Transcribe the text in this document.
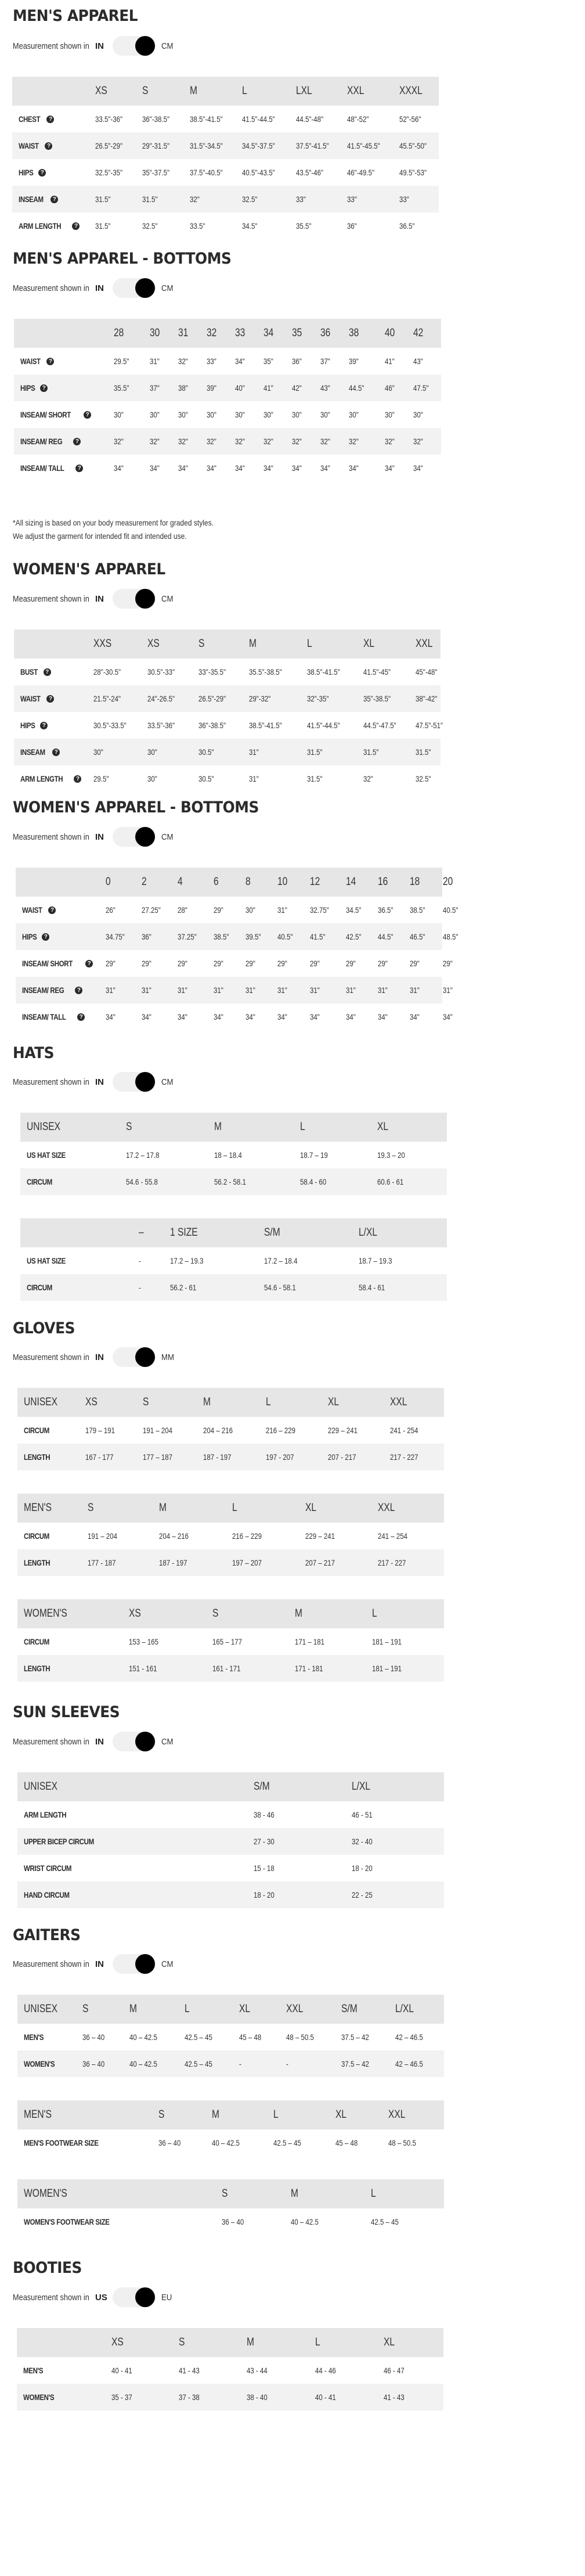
MEN'S APPAREL
Measurement shown in IN	CM
XS	S	M	L	LXL	XXL	XXXL
CHEST	?	33.5"-36" 36"-38.5" 38.5"-41.5" 41.5"-44.5"	44.5"-48"	48"-52"	52"-56"
WAIST	?	26.5"-29" 29"-31.5" 31.5"-34.5" 34.5"-37.5"	37.5"-41.5" 41.5"-45.5" 45.5"-50"
HIPS	?	32.5"-35" 35"-37.5" 37.5"-40.5" 40.5"-43.5"	43.5"-46"	46"-49.5"	49.5"-53"
INSEAM	?	31.5"	31.5"	32"	32.5"	33"	33"	33"
ARM LENGTH	? 31.5"	32.5"	33.5"	34.5"	35.5"	36"	36.5"
MEN'S APPAREL - BOTTOMS
Measurement shown in IN	CM
28 30 31 32 33 34 35 36 38 40 42
WAIST	?	29.5"	31" 32" 33" 34" 35" 36" 37" 39"	41" 43"
HIPS	?	35.5"	37" 38" 39" 40" 41" 42" 43" 44.5"	46" 47.5"
INSEAM/ SHORT	?	30"	30" 30" 30" 30" 30" 30" 30" 30"	30" 30"
INSEAM/ REG	?	32"	32" 32" 32" 32" 32" 32" 32" 32"	32" 32"
INSEAM/ TALL	?	34"	34" 34" 34" 34" 34" 34" 34" 34"	34" 34"
*All sizing is based on your body measurement for graded styles.
We adjust the garment for intended fit and intended use.
WOMEN'S APPAREL
Measurement shown in IN	CM
XXS	XS	S	M	L	XL	XXL
BUST	?	28"-30.5"	30.5"-33"	33"-35.5"	35.5"-38.5"	38.5"-41.5"	41.5"-45"	45"-48"
WAIST	?	21.5"-24"	24"-26.5"	26.5"-29"	29"-32"	32"-35"	35"-38.5"	38"-42"
HIPS	?	30.5"-33.5"	33.5"-36"	36"-38.5"	38.5"-41.5"	41.5"-44.5"	44.5"-47.5" 47.5"-51"
INSEAM	?	30"	30"	30.5"	31"	31.5"	31.5"	31.5"
ARM LENGTH	? 29.5"	30"	30.5"	31"	31.5"	32"	32.5"
WOMEN'S APPAREL - BOTTOMS
Measurement shown in IN	CM
0	2	4	6 8 10 12 14 16 18 20
WAIST	?	26"	27.25" 28"	29"	30"	31"	32.75" 34.5" 36.5" 38.5" 40.5"
HIPS	?	34.75" 36"	37.25" 38.5" 39.5" 40.5" 41.5"	42.5" 44.5" 46.5" 48.5"
INSEAM/ SHORT	? 29"	29"	29"	29"	29"	29"	29"	29"	29"	29"	29"
INSEAM/ REG	?	31"	31"	31"	31"	31"	31"	31"	31"	31"	31"	31"
INSEAM/ TALL	?	34"	34"	34"	34"	34"	34"	34"	34"	34"	34"	34"
HATS
Measurement shown in IN	CM
UNISEX	S	M	L	XL
US HAT SIZE	17.2 – 17.8	18 – 18.4	18.7 – 19	19.3 – 20
CIRCUM	54.6 - 55.8	56.2 - 58.1	58.4 - 60	60.6 - 61
– 1 SIZE	S/M	L/XL
US HAT SIZE	-	17.2 – 19.3	17.2 – 18.4	18.7 – 19.3
CIRCUM	-	56.2 - 61	54.6 - 58.1	58.4 - 61
GLOVES
Measurement shown in IN	MM
UNISEX	XS	S	M	L	XL	XXL
CIRCUM	179 – 191	191 – 204	204 – 216	216 – 229	229 – 241	241 - 254
LENGTH	167 - 177	177 – 187	187 - 197	197 - 207	207 - 217	217 - 227
MEN'S	S	M	L	XL	XXL
CIRCUM	191 – 204	204 – 216	216 – 229	229 – 241	241 – 254
LENGTH	177 - 187	187 - 197	197 – 207	207 – 217	217 - 227
WOMEN'S	XS	S	M	L
CIRCUM	153 – 165	165 – 177	171 – 181	181 – 191
LENGTH	151 - 161	161 - 171	171 - 181	181 – 191
SUN SLEEVES
Measurement shown in IN	CM
UNISEX	S/M	L/XL
ARM LENGTH	38 - 46	46 - 51
UPPER BICEP CIRCUM	27 - 30	32 - 40
WRIST CIRCUM	15 - 18	18 - 20
HAND CIRCUM	18 - 20	22 - 25
GAITERS
Measurement shown in IN	CM
UNISEX S	M	L	XL	XXL	S/M	L/XL
MEN'S	36 – 40	40 – 42.5	42.5 – 45	45 – 48	48 – 50.5	37.5 – 42	42 – 46.5
WOMEN'S	36 – 40	40 – 42.5	42.5 – 45	-	-	37.5 – 42	42 – 46.5
MEN'S	S	M	L	XL	XXL
MEN'S FOOTWEAR SIZE	36 – 40	40 – 42.5	42.5 – 45	45 – 48	48 – 50.5
WOMEN'S	S	M	L
WOMEN'S FOOTWEAR SIZE	36 – 40	40 – 42.5	42.5 – 45
BOOTIES
Measurement shown in US	EU
XS	S	M	L	XL
MEN'S	40 - 41	41 - 43	43 - 44	44 - 46	46 - 47
WOMEN'S	35 - 37	37 - 38	38 - 40	40 - 41	41 - 43
